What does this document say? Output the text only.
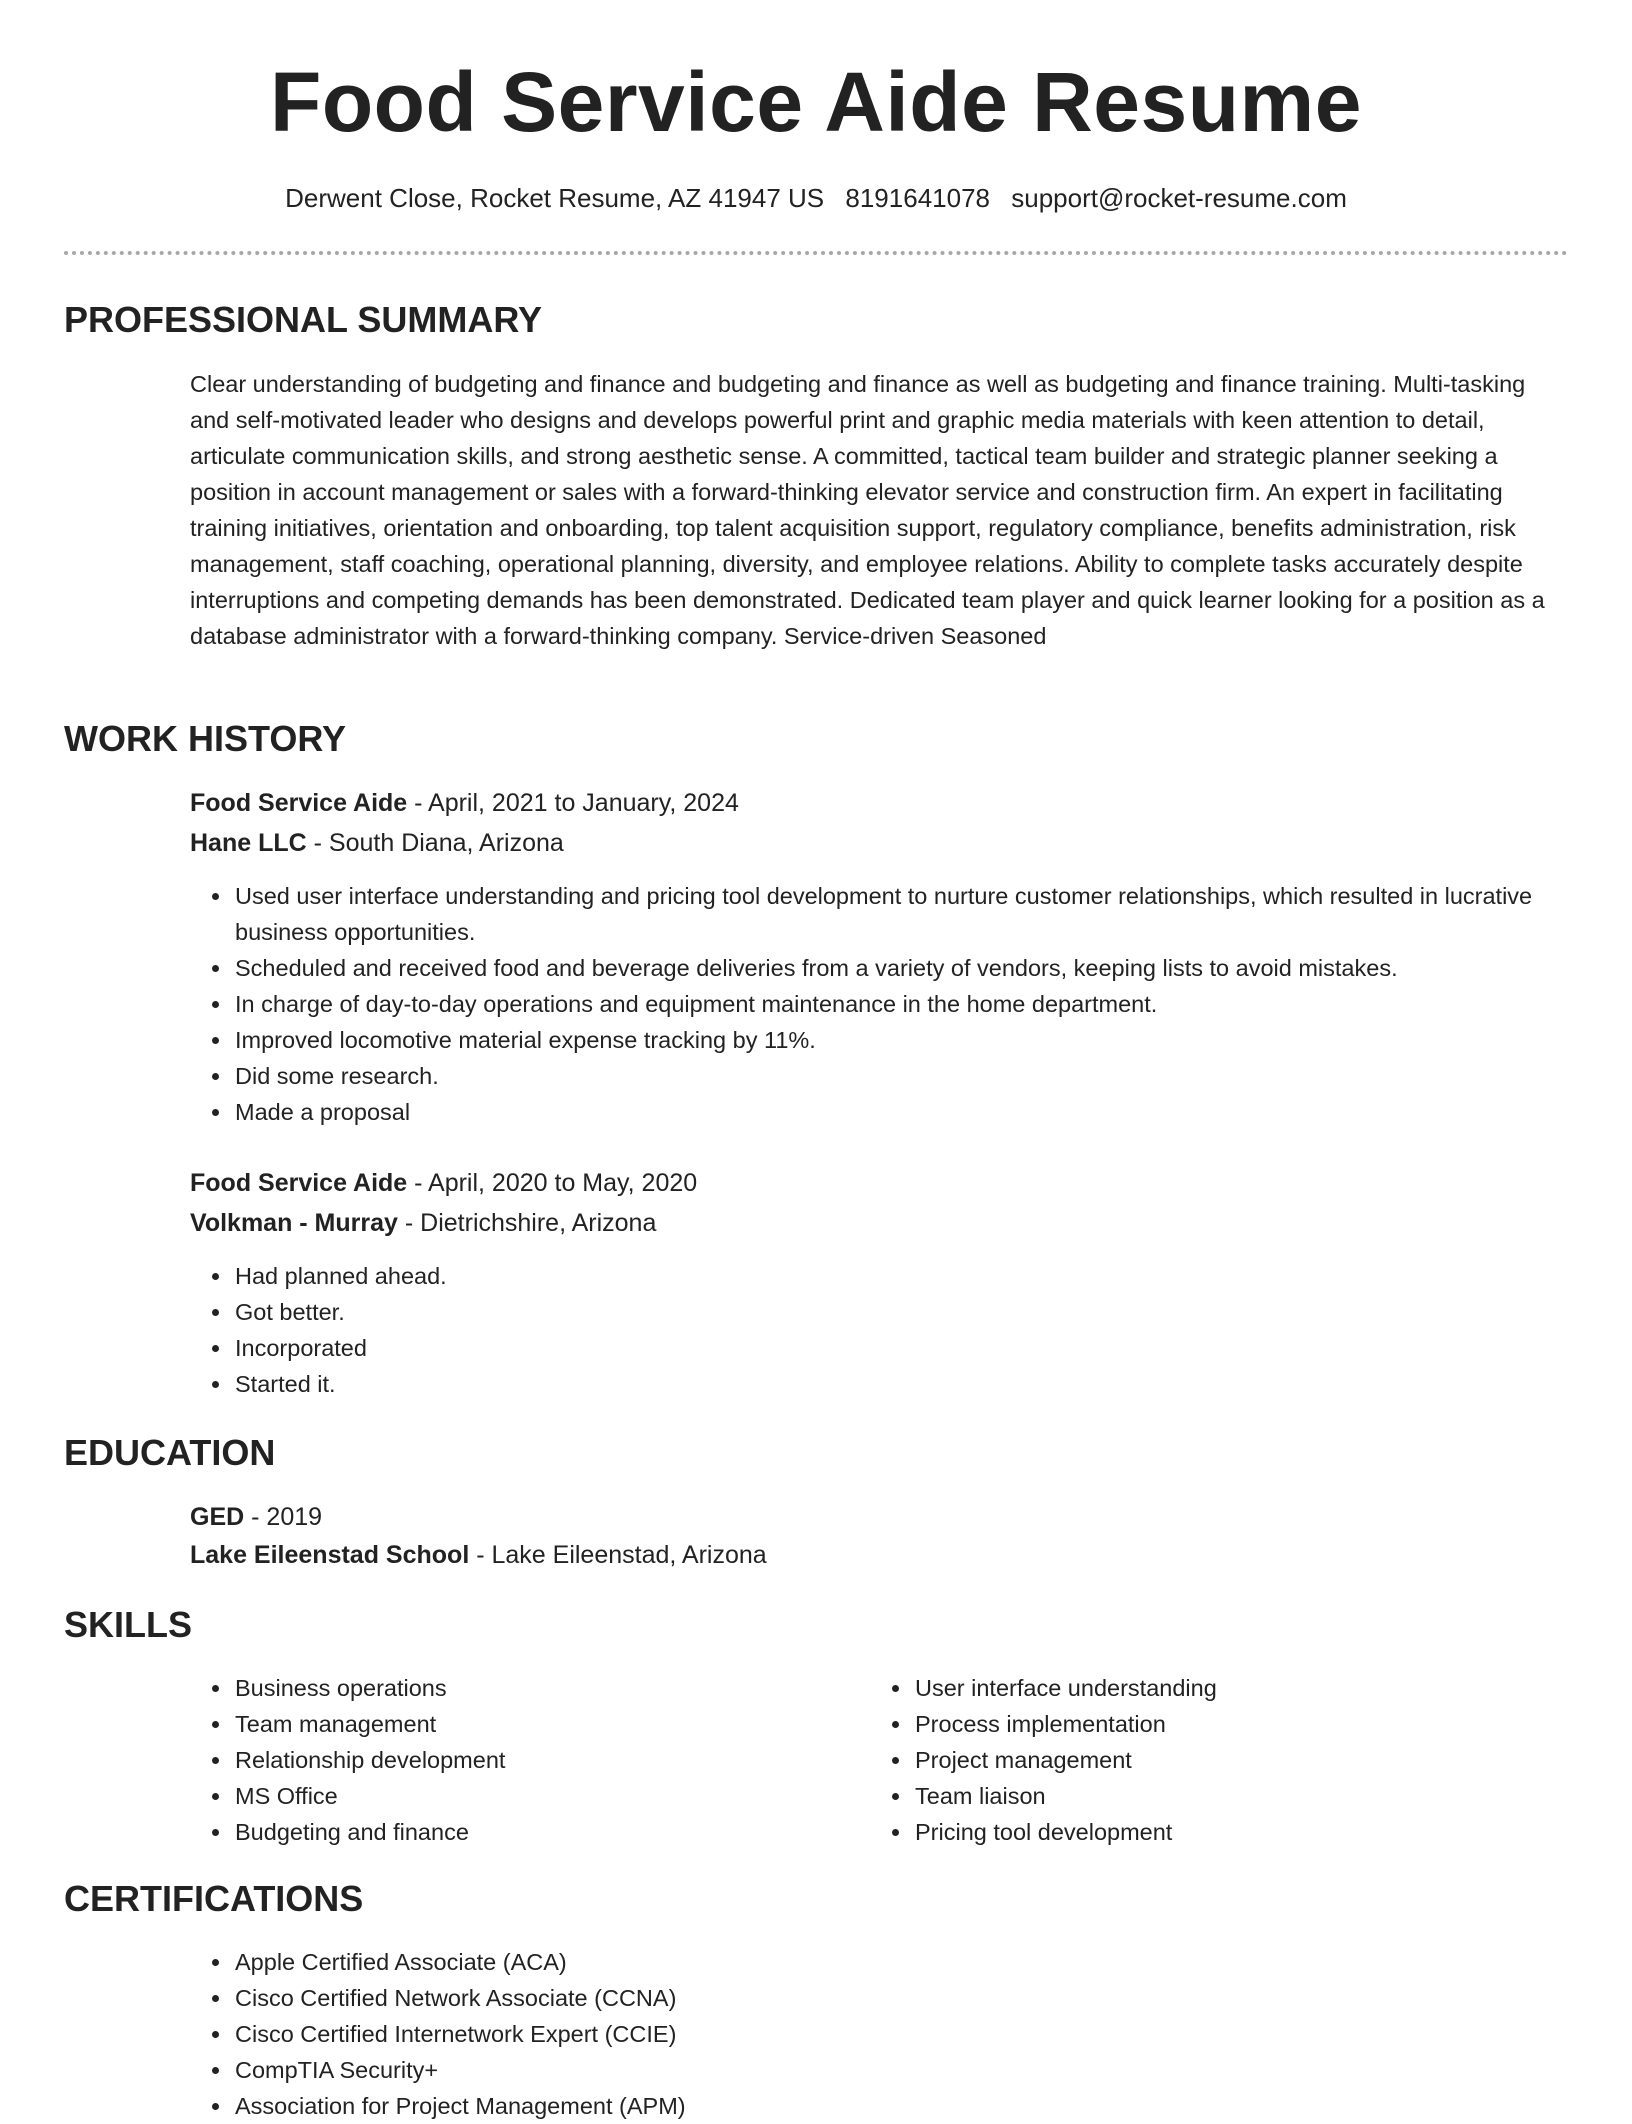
Food Service Aide Resume
Derwent Close, Rocket Resume, AZ 41947 US 8191641078 support@rocket-resume.com
PROFESSIONAL SUMMARY

Clear understanding of budgeting and finance and budgeting and finance as well as budgeting and finance training. Multi-tasking and self-motivated leader who designs and develops powerful print and graphic media materials with keen attention to detail, articulate communication skills, and strong aesthetic sense. A committed, tactical team builder and strategic planner seeking a position in account management or sales with a forward-thinking elevator service and construction firm. An expert in facilitating training initiatives, orientation and onboarding, top talent acquisition support, regulatory compliance, benefits administration, risk management, staff coaching, operational planning, diversity, and employee relations. Ability to complete tasks accurately despite interruptions and competing demands has been demonstrated. Dedicated team player and quick learner looking for a position as a database administrator with a forward-thinking company. Service-driven Seasoned

WORK HISTORY
Food Service Aide - April, 2021 to January, 2024
Hane LLC - South Diana, Arizona
• Used user interface understanding and pricing tool development to nurture customer relationships, which resulted in lucrative business opportunities.
• Scheduled and received food and beverage deliveries from a variety of vendors, keeping lists to avoid mistakes.
• In charge of day-to-day operations and equipment maintenance in the home department.
• Improved locomotive material expense tracking by 11%.
• Did some research.
• Made a proposal
Food Service Aide - April, 2020 to May, 2020
Volkman - Murray - Dietrichshire, Arizona
• Had planned ahead.
• Got better.
• Incorporated
• Started it.
EDUCATION
GED - 2019
Lake Eileenstad School - Lake Eileenstad, Arizona
SKILLS
• Business operations
• Team management
• Relationship development
• MS Office
• Budgeting and finance
• User interface understanding
• Process implementation
• Project management
• Team liaison
• Pricing tool development
CERTIFICATIONS
• Apple Certified Associate (ACA)
• Cisco Certified Network Associate (CCNA)
• Cisco Certified Internetwork Expert (CCIE)
• CompTIA Security+
• Association for Project Management (APM)
